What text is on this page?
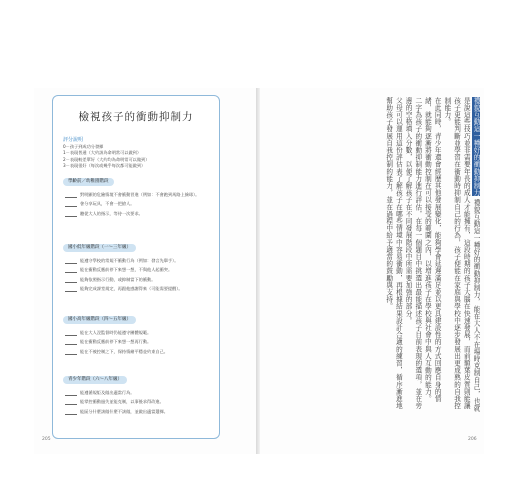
檢視孩子的衝動抑制力
評分說明
0－孩子到成功分發揮
1－表現普通（大約該為命明常可以做到）
2－表現較差單好（大約均為命明常可以做到）
3－表現很好（每次或幾乎每次都可能做到）
學齡前／幼稚園階段
對明顯的危險情境不會衝動冒進（例如：不會跑到馬路上撿球）。
會分享玩具，不會一把搶人。
聽從大人的指示，等待一次要求。
國小低年級階段（一～三年級）
能遵守學校的常規不衝動行為（例如：發言先舉手）。
能在衝動反應前停下來想一想，不與他人起衝突。
能夠依照指示行動，或抑制當下的衝動。
能夠完成課堂規定，再跟他感謝得來（可能需要提醒）。
國小高年級階段（四～五年級）
能在大人沒監督時仍能遵守團體規範。
能在衝動反應前停下來想一想再行動。
能在不被控制之下，保持情緒平穩並約束自己。
青少年階段（六～八年級）
能遵循規矩及做出適當行為。
能掌控衝動過失並能克制，以事後求得改進。
能區分什麼該做什麼不該做，並做出適當選擇。
205
禮貌互動這一種好的衝動抑制力 禮貌互動這一種好的衝動抑制力，能在大人不在場時克制自己，也就是說這些技巧並非需要年長的成人才能擁有，這段時期的孩子大腦在快速發展，而前額葉皮質則能讓孩子更能判斷並學習在衝動時抑制自己的行為，孩子便能在家庭與學校中逐步發展出更成熟的自我控制能力。
在此同時，青少年還會經歷其他發展變化，能夠學會延遲滿足並以更具建設性的方式回應自身的情緒，就能夠逐漸將衝動控制在可以接受的範圍之內，以增進孩子在學校與社會中與人互動的能力。
二字為孩子的衝動抑制能力進行評估，在每一個題目中挑選出最能描述孩子目前表現的選項，並在旁邊的空格填入分數，以便了解孩子在不同發展階段中所需要加強的部分。
父母可以運用這份評估表了解孩子在哪些情境中容易衝動，再根據結果設計合適的練習，循序漸進地幫助孩子發展自我控制的能力，並在過程中給予適當的鼓勵與支持。
206
